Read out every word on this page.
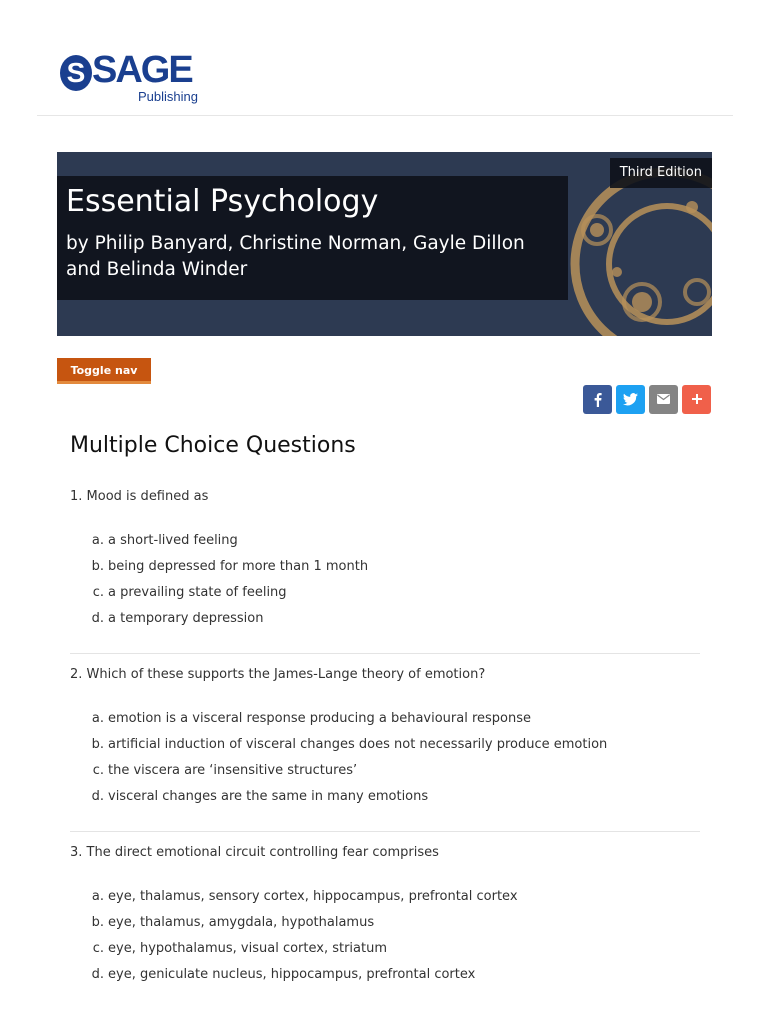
S SAGE
Publishing
Third Edition
Essential Psychology
by Philip Banyard, Christine Norman, Gayle Dillon and Belinda Winder
Toggle nav
Multiple Choice Questions
1. Mood is defined as
a. a short-lived feeling
b. being depressed for more than 1 month
c. a prevailing state of feeling
d. a temporary depression
2. Which of these supports the James-Lange theory of emotion?
a. emotion is a visceral response producing a behavioural response
b. artificial induction of visceral changes does not necessarily produce emotion
c. the viscera are ‘insensitive structures’
d. visceral changes are the same in many emotions
3. The direct emotional circuit controlling fear comprises
a. eye, thalamus, sensory cortex, hippocampus, prefrontal cortex
b. eye, thalamus, amygdala, hypothalamus
c. eye, hypothalamus, visual cortex, striatum
d. eye, geniculate nucleus, hippocampus, prefrontal cortex
